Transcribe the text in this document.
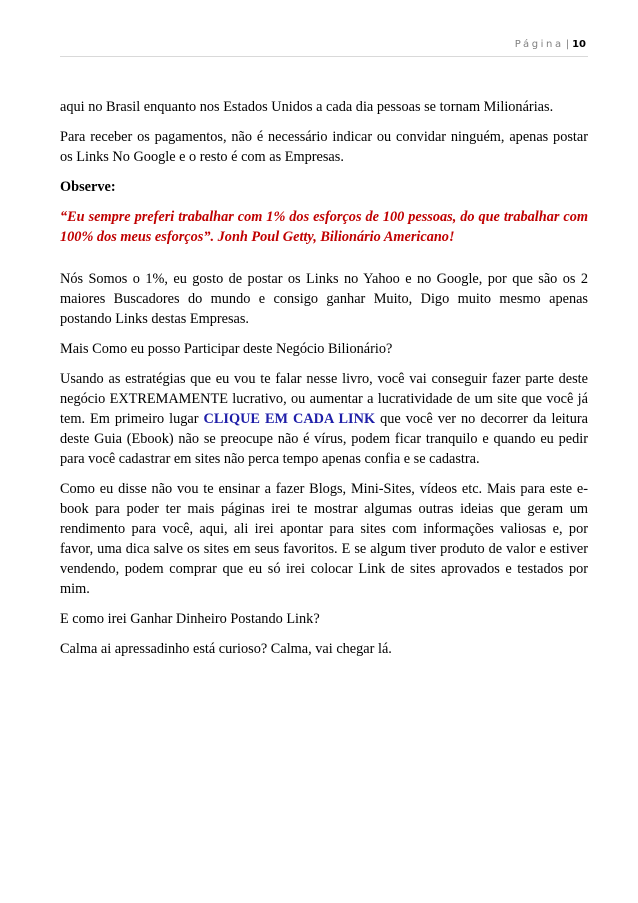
Página | 10

aqui no Brasil enquanto nos Estados Unidos a cada dia pessoas se tornam Milionárias.

Para receber os pagamentos, não é necessário indicar ou convidar ninguém, apenas postar os Links No Google e o resto é com as Empresas.

Observe:

“Eu sempre preferi trabalhar com 1% dos esforços de 100 pessoas, do que trabalhar com 100% dos meus esforços”. Jonh Poul Getty, Bilionário Americano!

Nós Somos o 1%, eu gosto de postar os Links no Yahoo e no Google, por que são os 2 maiores Buscadores do mundo e consigo ganhar Muito, Digo muito mesmo apenas postando Links destas Empresas.

Mais Como eu posso Participar deste Negócio Bilionário?

Usando as estratégias que eu vou te falar nesse livro, você vai conseguir fazer parte deste negócio EXTREMAMENTE lucrativo, ou aumentar a lucratividade de um site que você já tem. Em primeiro lugar CLIQUE EM CADA LINK que você ver no decorrer da leitura deste Guia (Ebook) não se preocupe não é vírus, podem ficar tranquilo e quando eu pedir para você cadastrar em sites não perca tempo apenas confia e se cadastra.

Como eu disse não vou te ensinar a fazer Blogs, Mini-Sites, vídeos etc. Mais para este e-book para poder ter mais páginas irei te mostrar algumas outras ideias que geram um rendimento para você, aqui, ali irei apontar para sites com informações valiosas e, por favor, uma dica salve os sites em seus favoritos. E se algum tiver produto de valor e estiver vendendo, podem comprar que eu só irei colocar Link de sites aprovados e testados por mim.

E como irei Ganhar Dinheiro Postando Link?

Calma ai apressadinho está curioso? Calma, vai chegar lá.
